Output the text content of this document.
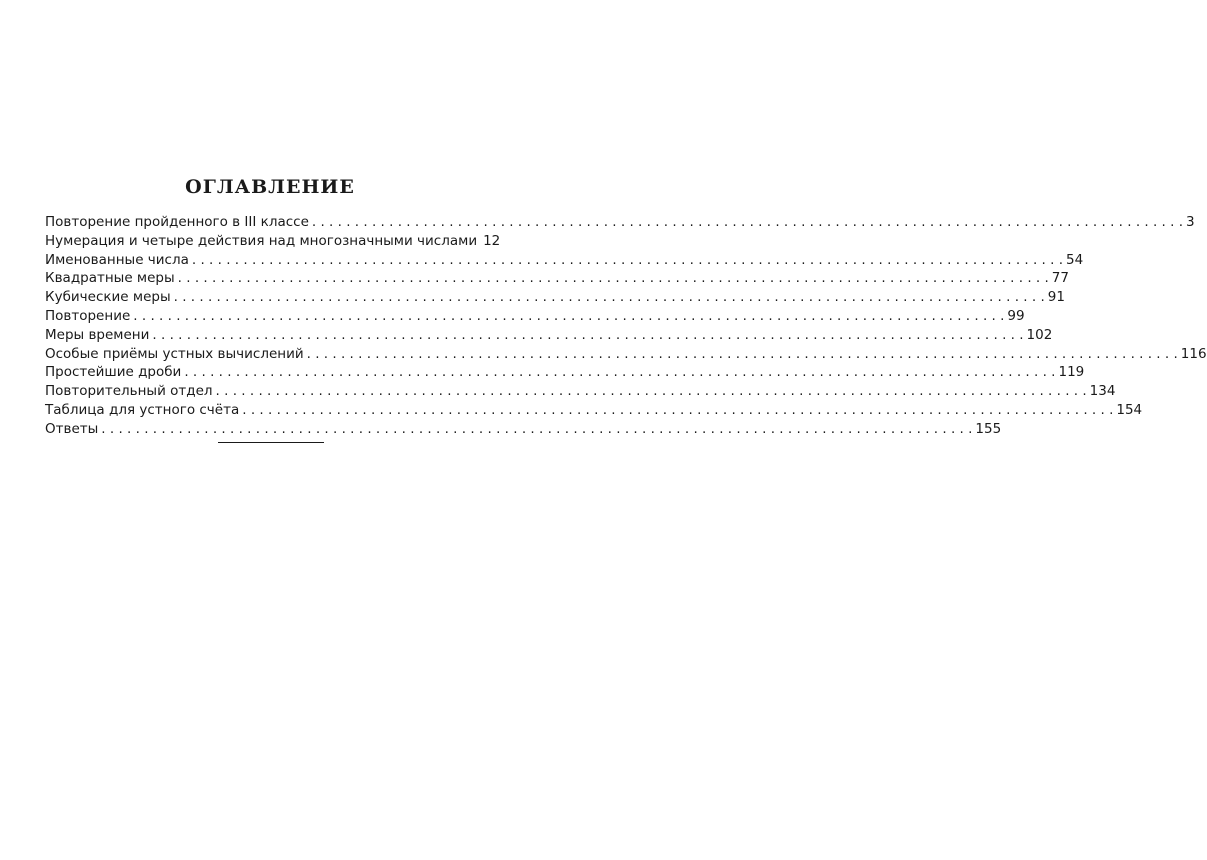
ОГЛАВЛЕНИЕ
Повторение пройденного в III классе . . .	3
Нумерация и четыре действия над многозначными числами 12
Именованные числа . . .	54
Квадратные меры . . .	77
Кубические меры . . .	91
Повторение . . .	99
Меры времени . . .	102
Особые приёмы устных вычислений . . .	116
Простейшие дроби . . .	119
Повторительный отдел . . .	134
Таблица для устного счёта . . .	154
Ответы . . .	155
